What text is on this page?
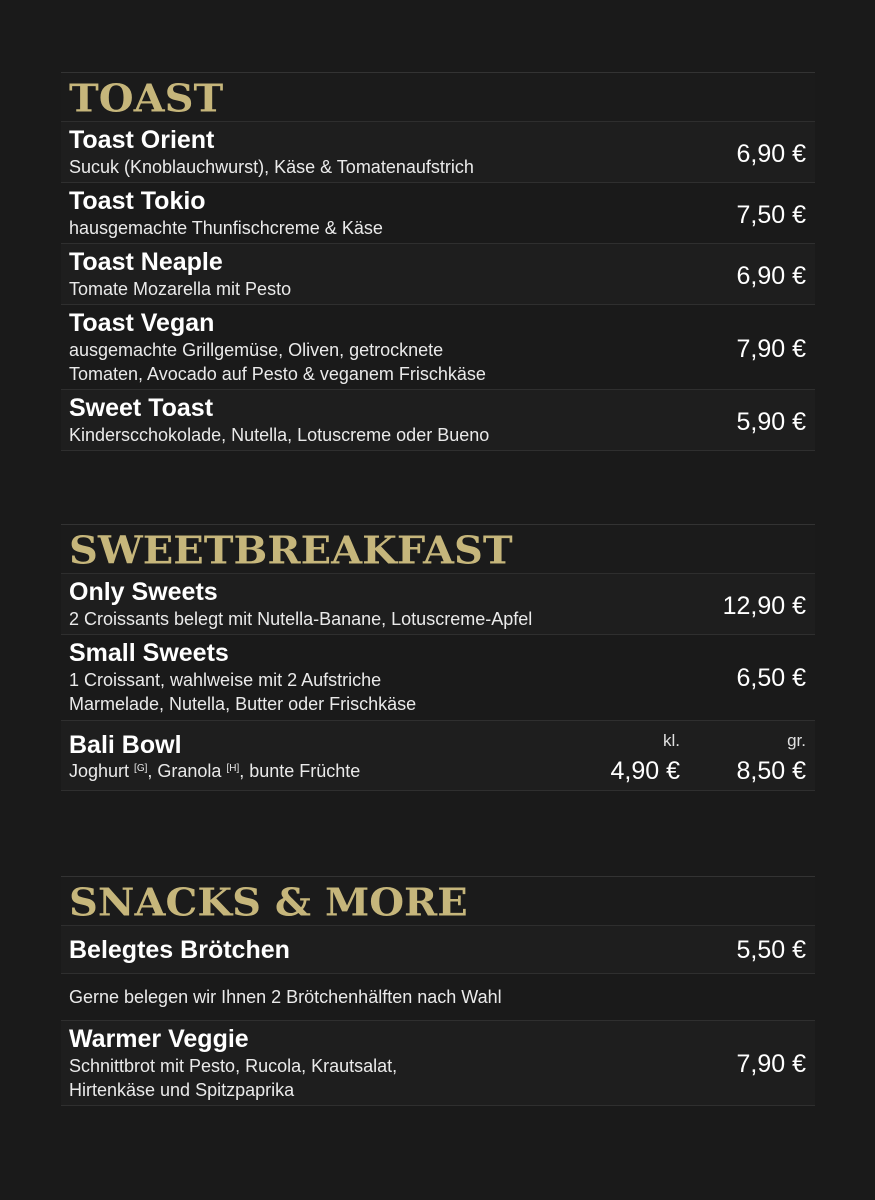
TOAST
Toast Orient
Sucuk (Knoblauchwurst), Käse & Tomatenaufstrich	6,90 €
Toast Tokio
hausgemachte Thunfischcreme & Käse	7,50 €
Toast Neaple
Tomate Mozarella mit Pesto	6,90 €
Toast Vegan
ausgemachte Grillgemüse, Oliven, getrocknete
Tomaten, Avocado auf Pesto & veganem Frischkäse
7,90 €
Sweet Toast
Kinderscchokolade, Nutella, Lotuscreme oder Bueno	5,90 €
SWEETBREAKFAST
Only Sweets
2 Croissants belegt mit Nutella-Banane, Lotuscreme-Apfel	12,90 €
Small Sweets
1 Croissant, wahlweise mit 2 Aufstriche
Marmelade, Nutella, Butter oder Frischkäse
6,50 €
Bali Bowl
Joghurt [G], Granola [H], bunte Früchte
kl.	gr.
4,90 € 8,50 €
SNACKS & MORE
Belegtes Brötchen	5,50 €
Gerne belegen wir Ihnen 2 Brötchenhälften nach Wahl
Warmer Veggie
Schnittbrot mit Pesto, Rucola, Krautsalat,
Hirtenkäse und Spitzpaprika
7,90 €
